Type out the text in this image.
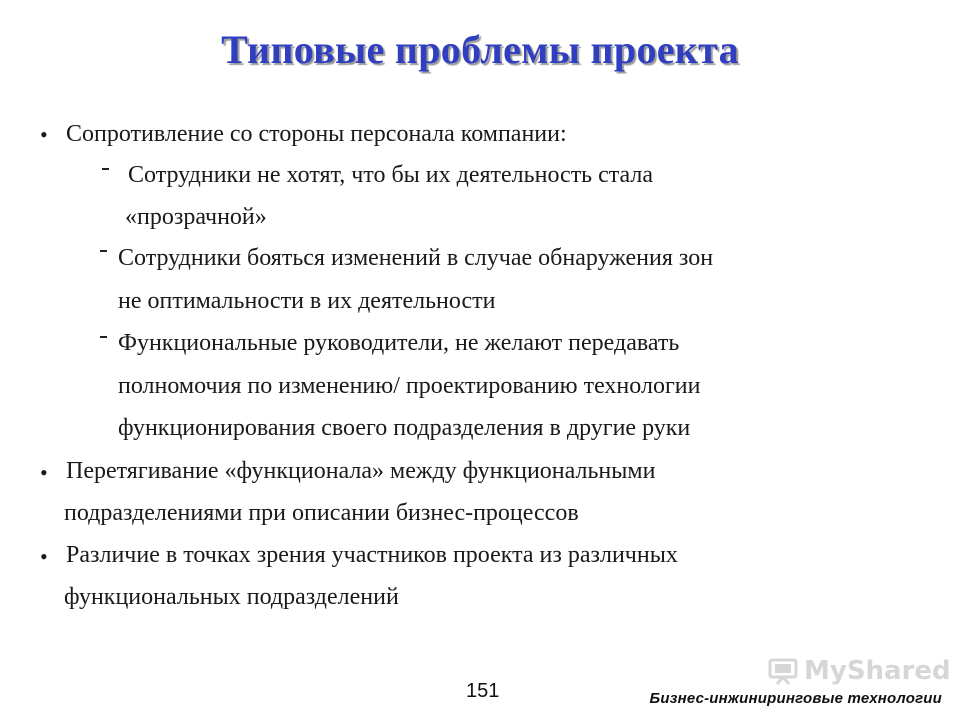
Типовые проблемы проекта
• Сопротивление со стороны персонала компании:
Сотрудники не хотят, что бы их деятельность стала
«прозрачной»
Сотрудники бояться изменений в случае обнаружения зон
не оптимальности в их деятельности
Функциональные руководители, не желают передавать
полномочия по изменению/ проектированию технологии
функционирования своего подразделения в другие руки
• Перетягивание «функционала» между функциональными
подразделениями при описании бизнес-процессов
• Различие в точках зрения участников проекта из различных
функциональных подразделений
MyShared
151	Бизнес-инжиниринговые технологии
